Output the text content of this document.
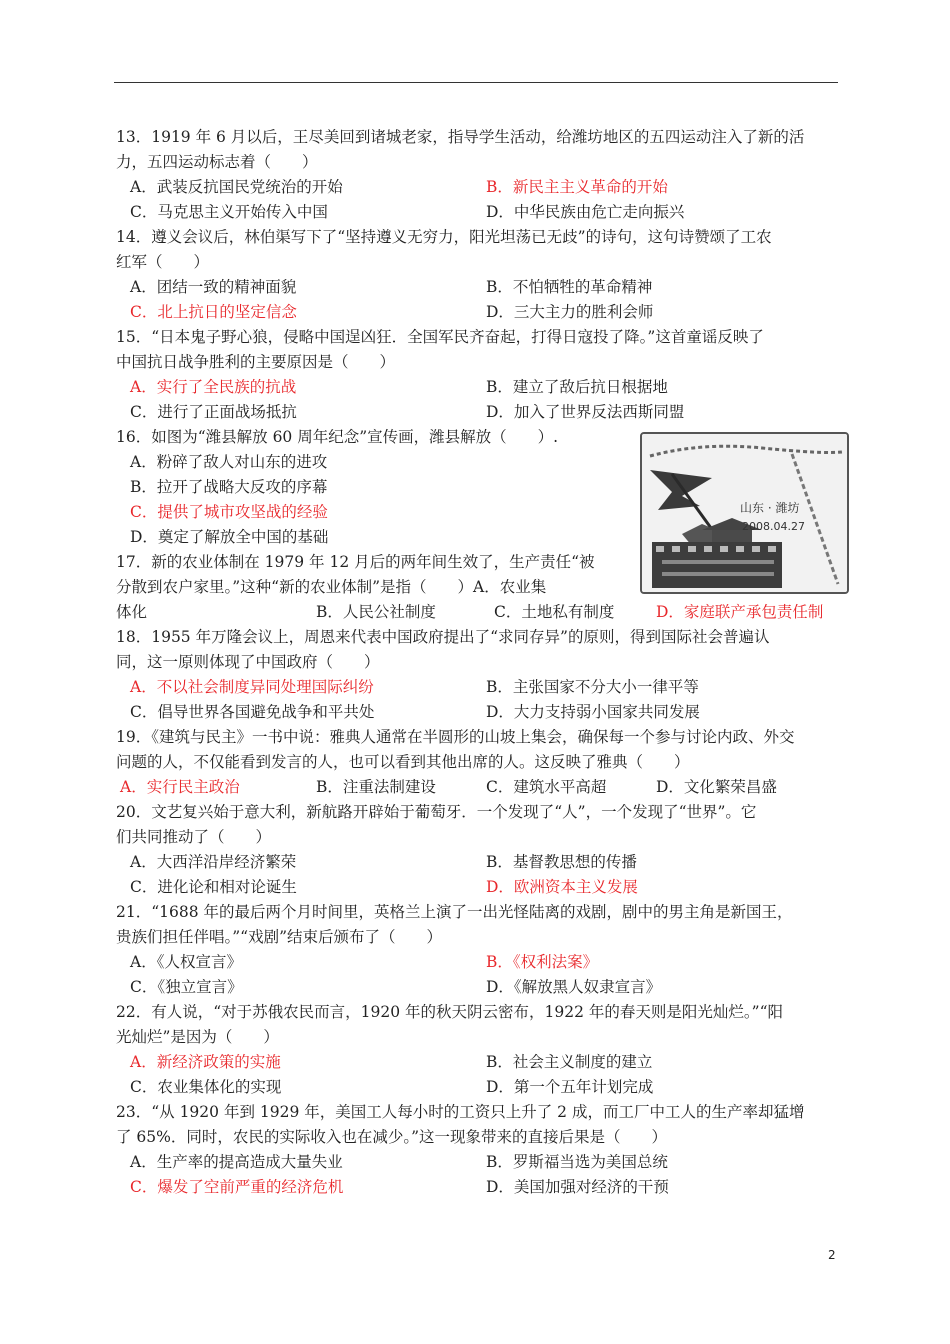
13．1919 年 6 月以后，王尽美回到诸城老家，指导学生活动，给潍坊地区的五四运动注入了新的活
力，五四运动标志着（　　）
A．武装反抗国民党统治的开始	B．新民主主义革命的开始
C．马克思主义开始传入中国	D．中华民族由危亡走向振兴
14．遵义会议后，林伯渠写下了“坚持遵义无穷力，阳光坦荡已无歧”的诗句，这句诗赞颂了工农
红军（　　）
A．团结一致的精神面貌	B．不怕牺牲的革命精神
C．北上抗日的坚定信念	D．三大主力的胜利会师
15．“日本鬼子野心狼，侵略中国逞凶狂．全国军民齐奋起，打得日寇投了降。”这首童谣反映了
中国抗日战争胜利的主要原因是（　　）
A．实行了全民族的抗战	B．建立了敌后抗日根据地
C．进行了正面战场抵抗	D．加入了世界反法西斯同盟
16．如图为“潍县解放 60 周年纪念”宣传画，潍县解放（　　）.
A．粉碎了敌人对山东的进攻
B．拉开了战略大反攻的序幕
C．提供了城市攻坚战的经验
D．奠定了解放全中国的基础
17．新的农业体制在 1979 年 12 月后的两年间生效了，生产责任“被
分散到农户家里。”这种“新的农业体制”是指（　　）A．农业集
体化	B．人民公社制度	C．土地私有制度	D．家庭联产承包责任制
18．1955 年万隆会议上，周恩来代表中国政府提出了“求同存异”的原则，得到国际社会普遍认
同，这一原则体现了中国政府（　　）
A．不以社会制度异同处理国际纠纷	B．主张国家不分大小一律平等
C．倡导世界各国避免战争和平共处	D．大力支持弱小国家共同发展
19．《建筑与民主》一书中说：雅典人通常在半圆形的山坡上集会，确保每一个参与讨论内政、外交
问题的人，不仅能看到发言的人，也可以看到其他出席的人。这反映了雅典（　　）
A．实行民主政治	B．注重法制建设	C．建筑水平高超	D．文化繁荣昌盛
20．文艺复兴始于意大利，新航路开辟始于葡萄牙．一个发现了“人”，一个发现了“世界”。它
们共同推动了（　　）
A．大西洋沿岸经济繁荣	B．基督教思想的传播
C．进化论和相对论诞生	D．欧洲资本主义发展
21．“1688 年的最后两个月时间里，英格兰上演了一出光怪陆离的戏剧，剧中的男主角是新国王，
贵族们担任伴唱。”“戏剧”结束后颁布了（　　）
A．《人权宣言》	B．《权利法案》
C．《独立宣言》	D．《解放黑人奴隶宣言》
22．有人说，“对于苏俄农民而言，1920 年的秋天阴云密布，1922 年的春天则是阳光灿烂。”“阳
光灿烂”是因为（　　）
A．新经济政策的实施	B．社会主义制度的建立
C．农业集体化的实现	D．第一个五年计划完成
23．“从 1920 年到 1929 年，美国工人每小时的工资只上升了 2 成，而工厂中工人的生产率却猛增
了 65%．同时，农民的实际收入也在减少。”这一现象带来的直接后果是（　　）
A．生产率的提高造成大量失业	B．罗斯福当选为美国总统
C．爆发了空前严重的经济危机	D．美国加强对经济的干预
山东 · 潍坊
2008.04.27
2
